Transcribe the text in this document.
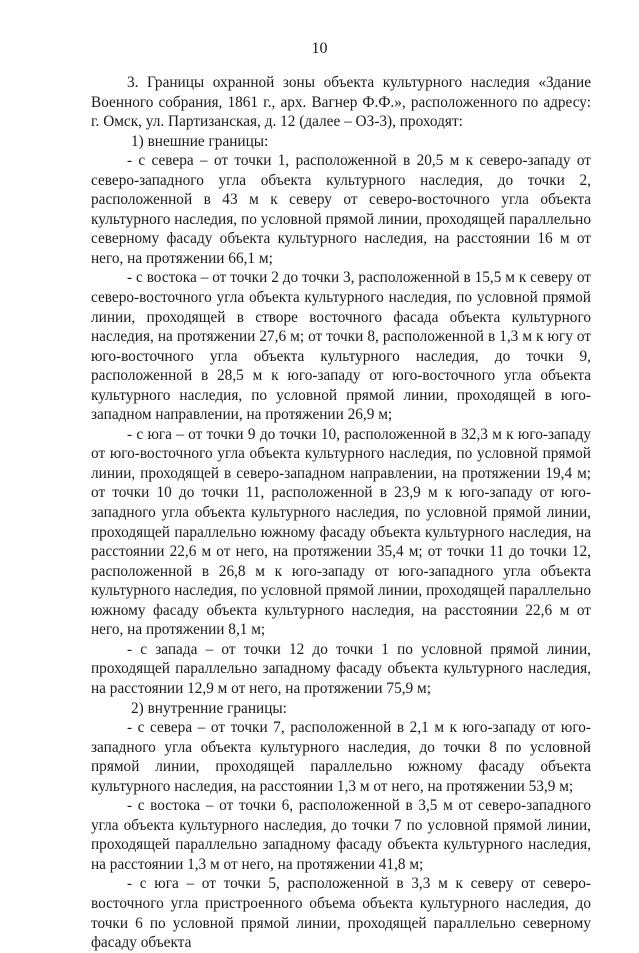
10

3. Границы охранной зоны объекта культурного наследия «Здание Военного собрания, 1861 г., арх. Вагнер Ф.Ф.», расположенного по адресу: г. Омск, ул. Партизанская, д. 12 (далее – ОЗ-3), проходят:

1) внешние границы:

- с севера – от точки 1, расположенной в 20,5 м к северо-западу от северо-западного угла объекта культурного наследия, до точки 2, расположенной в 43 м к северу от северо-восточного угла объекта культурного наследия, по условной прямой линии, проходящей параллельно северному фасаду объекта культурного наследия, на расстоянии 16 м от него, на протяжении 66,1 м;

- с востока – от точки 2 до точки 3, расположенной в 15,5 м к северу от северо-восточного угла объекта культурного наследия, по условной прямой линии, проходящей в створе восточного фасада объекта культурного наследия, на протяжении 27,6 м; от точки 8, расположенной в 1,3 м к югу от юго-восточного угла объекта культурного наследия, до точки 9, расположенной в 28,5 м к юго-западу от юго-восточного угла объекта культурного наследия, по условной прямой линии, проходящей в юго-западном направлении, на протяжении 26,9 м;

- с юга – от точки 9 до точки 10, расположенной в 32,3 м к юго-западу от юго-восточного угла объекта культурного наследия, по условной прямой линии, проходящей в северо-западном направлении, на протяжении 19,4 м; от точки 10 до точки 11, расположенной в 23,9 м к юго-западу от юго-западного угла объекта культурного наследия, по условной прямой линии, проходящей параллельно южному фасаду объекта культурного наследия, на расстоянии 22,6 м от него, на протяжении 35,4 м; от точки 11 до точки 12, расположенной в 26,8 м к юго-западу от юго-западного угла объекта культурного наследия, по условной прямой линии, проходящей параллельно южному фасаду объекта культурного наследия, на расстоянии 22,6 м от него, на протяжении 8,1 м;

- с запада – от точки 12 до точки 1 по условной прямой линии, проходящей параллельно западному фасаду объекта культурного наследия, на расстоянии 12,9 м от него, на протяжении 75,9 м;

2) внутренние границы:

- с севера – от точки 7, расположенной в 2,1 м к юго-западу от юго-западного угла объекта культурного наследия, до точки 8 по условной прямой линии, проходящей параллельно южному фасаду объекта культурного наследия, на расстоянии 1,3 м от него, на протяжении 53,9 м;

- с востока – от точки 6, расположенной в 3,5 м от северо-западного угла объекта культурного наследия, до точки 7 по условной прямой линии, проходящей параллельно западному фасаду объекта культурного наследия, на расстоянии 1,3 м от него, на протяжении 41,8 м;

- с юга – от точки 5, расположенной в 3,3 м к северу от северо-восточного угла пристроенного объема объекта культурного наследия, до точки 6 по условной прямой линии, проходящей параллельно северному фасаду объекта
